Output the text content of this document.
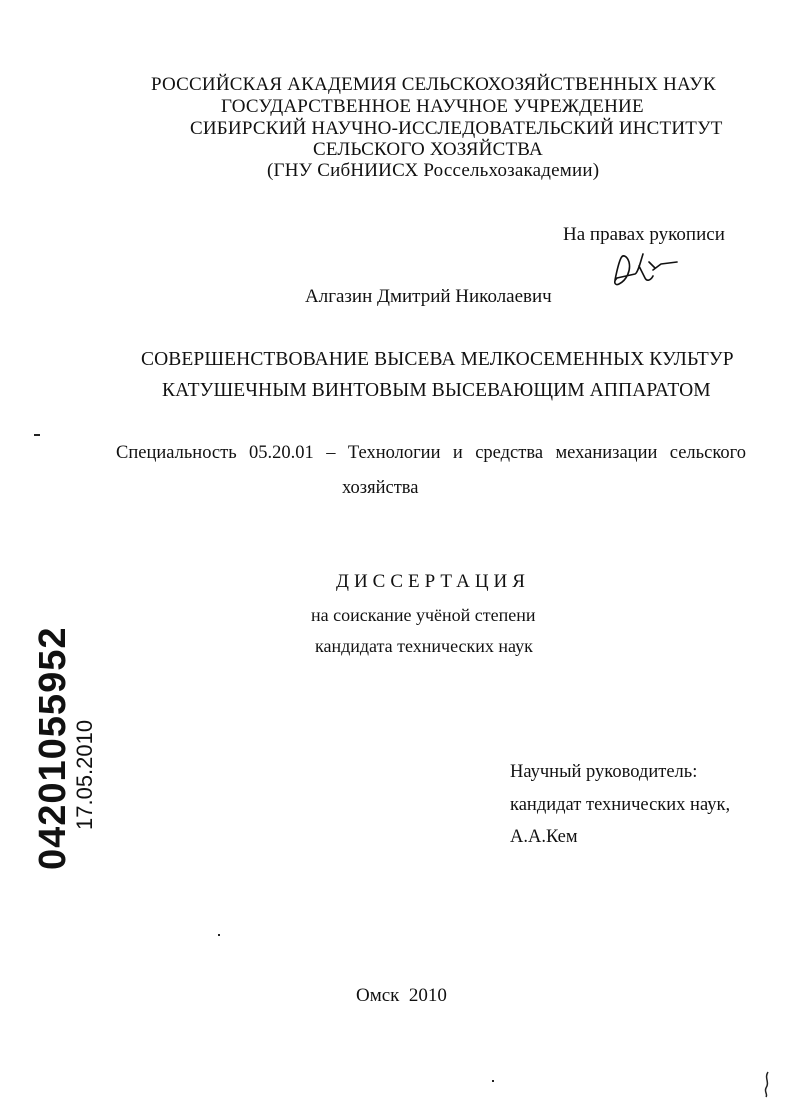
РОССИЙСКАЯ АКАДЕМИЯ СЕЛЬСКОХОЗЯЙСТВЕННЫХ НАУК
ГОСУДАРСТВЕННОЕ НАУЧНОЕ УЧРЕЖДЕНИЕ
СИБИРСКИЙ НАУЧНО-ИССЛЕДОВАТЕЛЬСКИЙ ИНСТИТУТ
СЕЛЬСКОГО ХОЗЯЙСТВА
(ГНУ СибНИИСХ Россельхозакадемии)
На правах рукописи
Алгазин Дмитрий Николаевич
СОВЕРШЕНСТВОВАНИЕ ВЫСЕВА МЕЛКОСЕМЕННЫХ КУЛЬТУР
КАТУШЕЧНЫМ ВИНТОВЫМ ВЫСЕВАЮЩИМ АППАРАТОМ
Специальность 05.20.01 – Технологии и средства механизации сельского
хозяйства
ДИССЕРТАЦИЯ
на соискание учёной степени
кандидата технических наук
04201055952
17.05.2010	Научный руководитель:
кандидат технических наук,
А.А.Кем
Омск  2010
